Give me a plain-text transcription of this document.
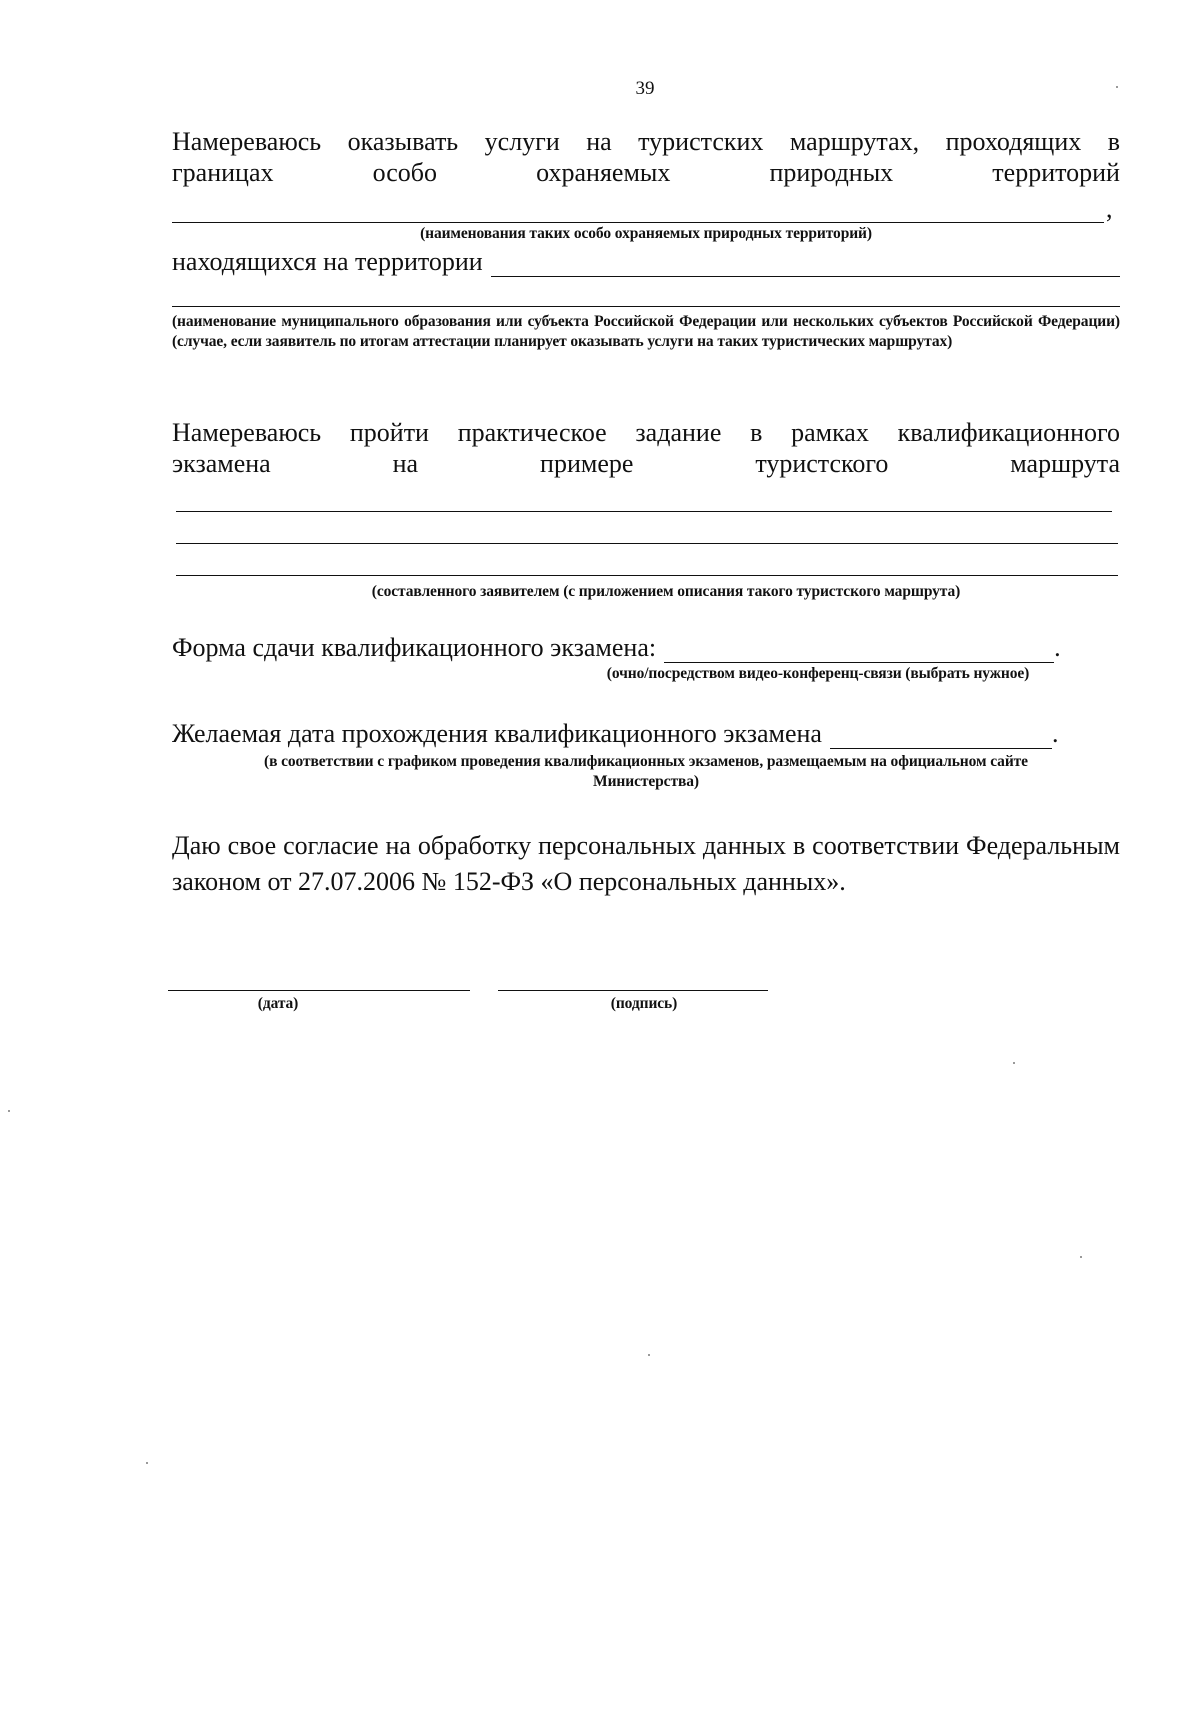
39
Намереваюсь оказывать услуги на туристских маршрутах, проходящих в
границах	особо	охраняемых	природных	территорий
,
(наименования таких особо охраняемых природных территорий)
находящихся на территории
(наименование муниципального образования или субъекта Российской Федерации или нескольких субъектов Российской Федерации) (случае, если заявитель по итогам аттестации планирует оказывать услуги на таких туристических маршрутах)
Намереваюсь пройти практическое задание в рамках квалификационного
экзамена	на	примере	туристского	маршрута
(составленного заявителем (с приложением описания такого туристского маршрута)
Форма сдачи квалификационного экзамена:	.
(очно/посредством видео-конференц-связи (выбрать нужное)
Желаемая дата прохождения квалификационного экзамена	.
(в соответствии с графиком проведения квалификационных экзаменов, размещаемым на официальном сайте
Министерства)
Даю свое согласие на обработку персональных данных в соответствии Федеральным законом от 27.07.2006 № 152-ФЗ «О персональных данных».
(дата)	(подпись)
